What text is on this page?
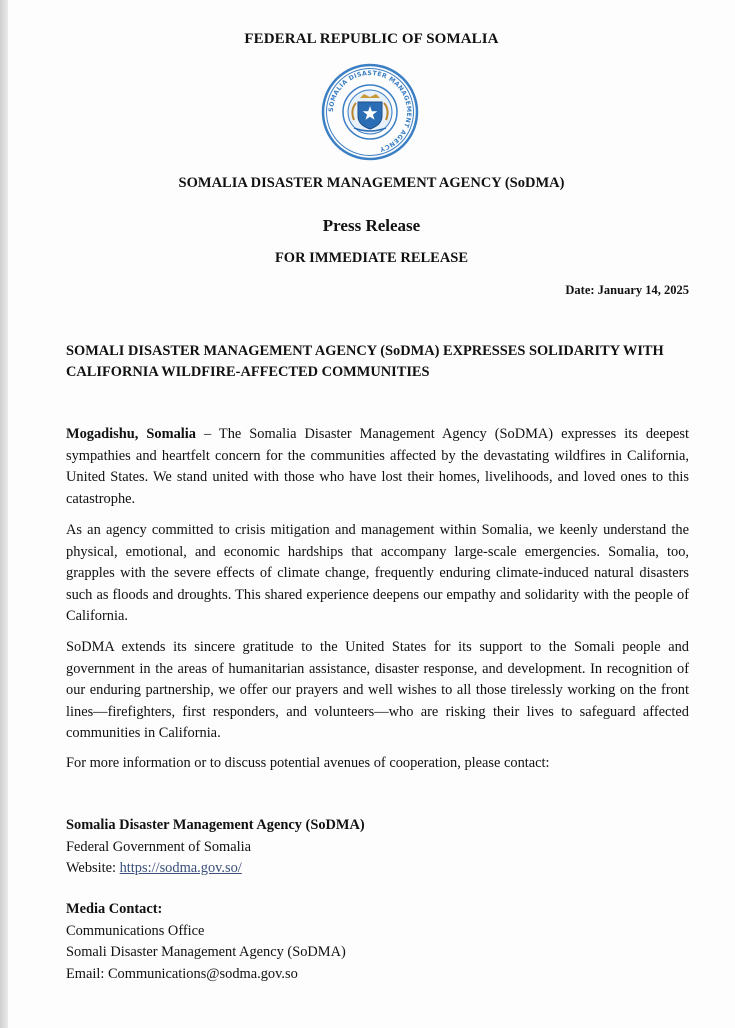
FEDERAL REPUBLIC OF SOMALIA
SOMALIA DISASTER MANAGEMENT AGENCY
SOMALIA DISASTER MANAGEMENT AGENCY (SoDMA)
Press Release
FOR IMMEDIATE RELEASE
Date: January 14, 2025
SOMALI DISASTER MANAGEMENT AGENCY (SoDMA) EXPRESSES SOLIDARITY WITH CALIFORNIA WILDFIRE-AFFECTED COMMUNITIES
Mogadishu, Somalia – The Somalia Disaster Management Agency (SoDMA) expresses its deepest sympathies and heartfelt concern for the communities affected by the devastating wildfires in California, United States. We stand united with those who have lost their homes, livelihoods, and loved ones to this catastrophe.
As an agency committed to crisis mitigation and management within Somalia, we keenly understand the physical, emotional, and economic hardships that accompany large-scale emergencies. Somalia, too, grapples with the severe effects of climate change, frequently enduring climate-induced natural disasters such as floods and droughts. This shared experience deepens our empathy and solidarity with the people of California.
SoDMA extends its sincere gratitude to the United States for its support to the Somali people and government in the areas of humanitarian assistance, disaster response, and development. In recognition of our enduring partnership, we offer our prayers and well wishes to all those tirelessly working on the front lines—firefighters, first responders, and volunteers—who are risking their lives to safeguard affected communities in California.
For more information or to discuss potential avenues of cooperation, please contact:
Somalia Disaster Management Agency (SoDMA)
Federal Government of Somalia
Website: https://sodma.gov.so/
Media Contact:
Communications Office
Somali Disaster Management Agency (SoDMA)
Email: Communications@sodma.gov.so
